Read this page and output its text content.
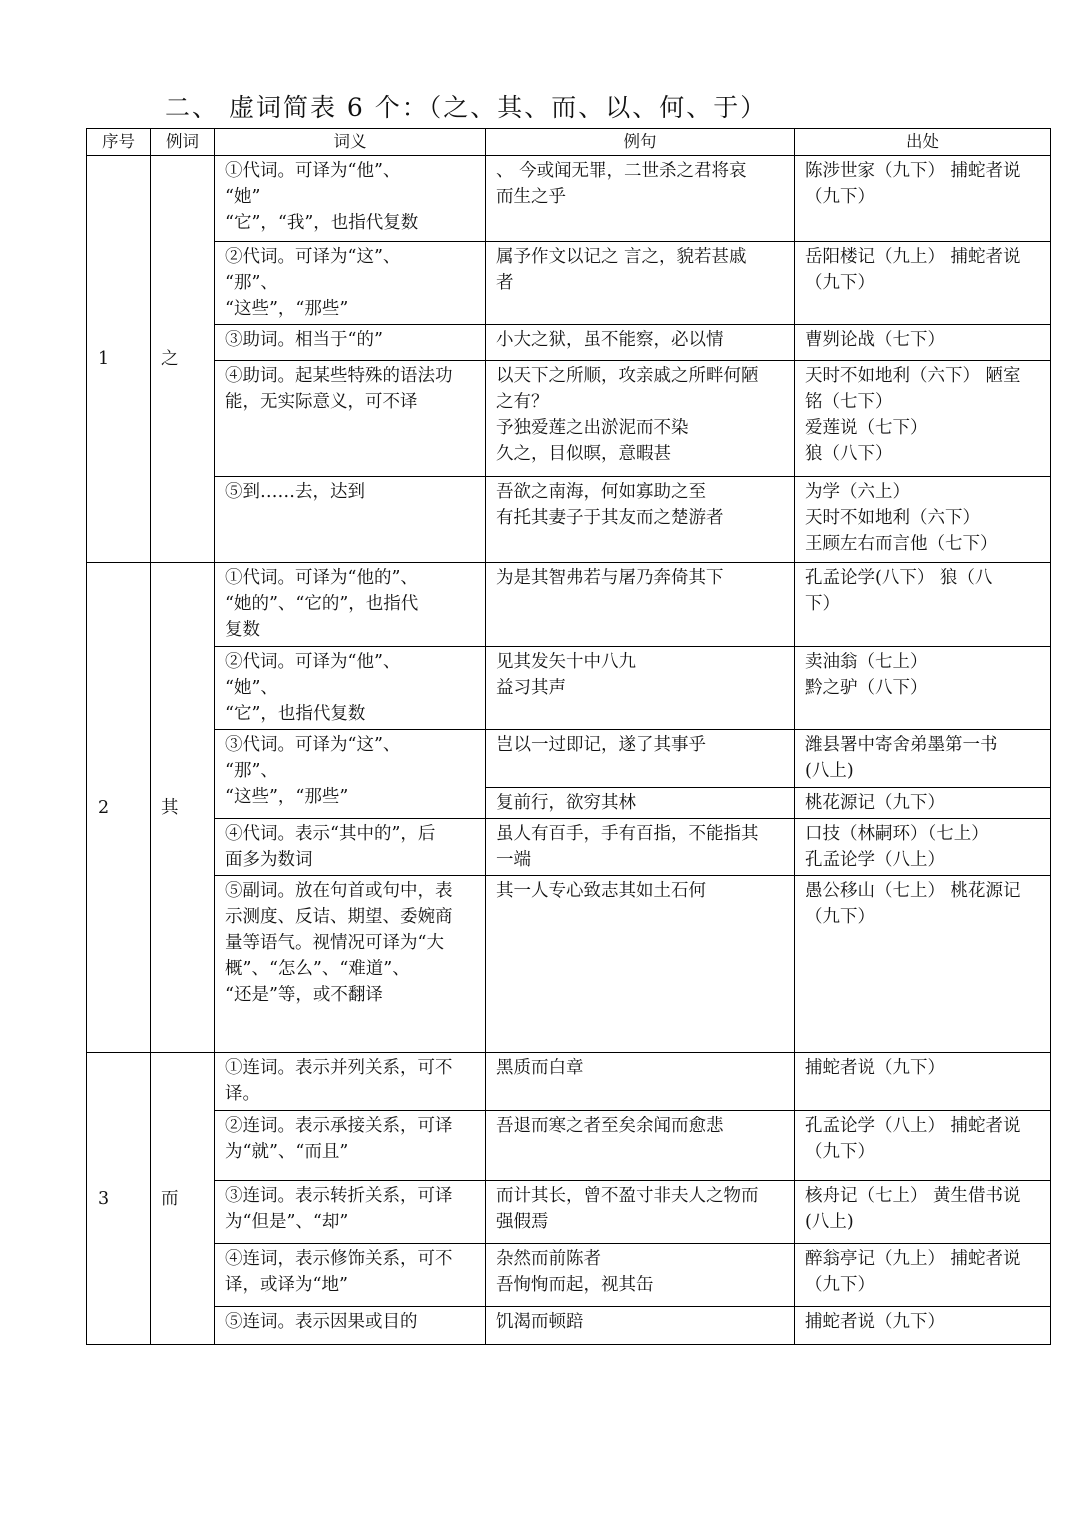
二、 虚词简表 6 个：（之、其、而、以、何、于）
序号	例词	词义	例句	出处
1	之	①代词。可译为“他”、
“她”
“它”，“我”，也指代复数	、 今或闻无罪，二世杀之君将哀
而生之乎	陈涉世家（九下） 捕蛇者说
（九下）

		②代词。可译为“这”、
“那”、
“这些”，“那些”	属予作文以记之 言之，貌若甚戚
者	岳阳楼记（九上） 捕蛇者说
（九下）

		③助词。相当于“的”	小大之狱，虽不能察，必以情	曹刿论战（七下）

		④助词。起某些特殊的语法功
能，无实际意义，可不译	以天下之所顺，攻亲戚之所畔何陋
之有？
予独爱莲之出淤泥而不染
久之，目似暝，意暇甚	天时不如地利（六下） 陋室
铭（七下）
爱莲说（七下）
狼（八下）

		⑤到……去，达到	吾欲之南海，何如寡助之至
有托其妻子于其友而之楚游者	为学（六上）
天时不如地利（六下）
王顾左右而言他（七下）

2	其	①代词。可译为“他的”、
“她的”、“它的”，也指代
复数	为是其智弗若与屠乃奔倚其下	孔孟论学(八下） 狼（八
下）

		②代词。可译为“他”、
“她”、
“它”，也指代复数	见其发矢十中八九
益习其声	卖油翁（七上）
黔之驴（八下）

		③代词。可译为“这”、
“那”、
“这些”，“那些”	岂以一过即记，遂了其事乎	潍县署中寄舍弟墨第一书
(八上)

			复前行，欲穷其林	桃花源记（九下）

		④代词。表示“其中的”，后
面多为数词	虽人有百手，手有百指，不能指其
一端	口技（林嗣环）（七上）
孔孟论学（八上）

		⑤副词。放在句首或句中，表
示测度、反诘、期望、委婉商
量等语气。视情况可译为“大
概”、“怎么”、“难道”、
“还是”等，或不翻译	其一人专心致志其如土石何	愚公移山（七上） 桃花源记
（九下）

3	而	①连词。表示并列关系，可不
译。	黑质而白章	捕蛇者说（九下）

		②连词。表示承接关系，可译
为“就”、“而且”	吾退而寒之者至矣余闻而愈悲	孔孟论学（八上） 捕蛇者说
（九下）

		③连词。表示转折关系，可译
为“但是”、“却”	而计其长，曾不盈寸非夫人之物而
强假焉	核舟记（七上） 黄生借书说
(八上)

		④连词，表示修饰关系，可不
译，或译为“地”	杂然而前陈者
吾恂恂而起，视其缶	醉翁亭记（九上） 捕蛇者说
（九下）

		⑤连词。表示因果或目的	饥渴而顿踣	捕蛇者说（九下）
